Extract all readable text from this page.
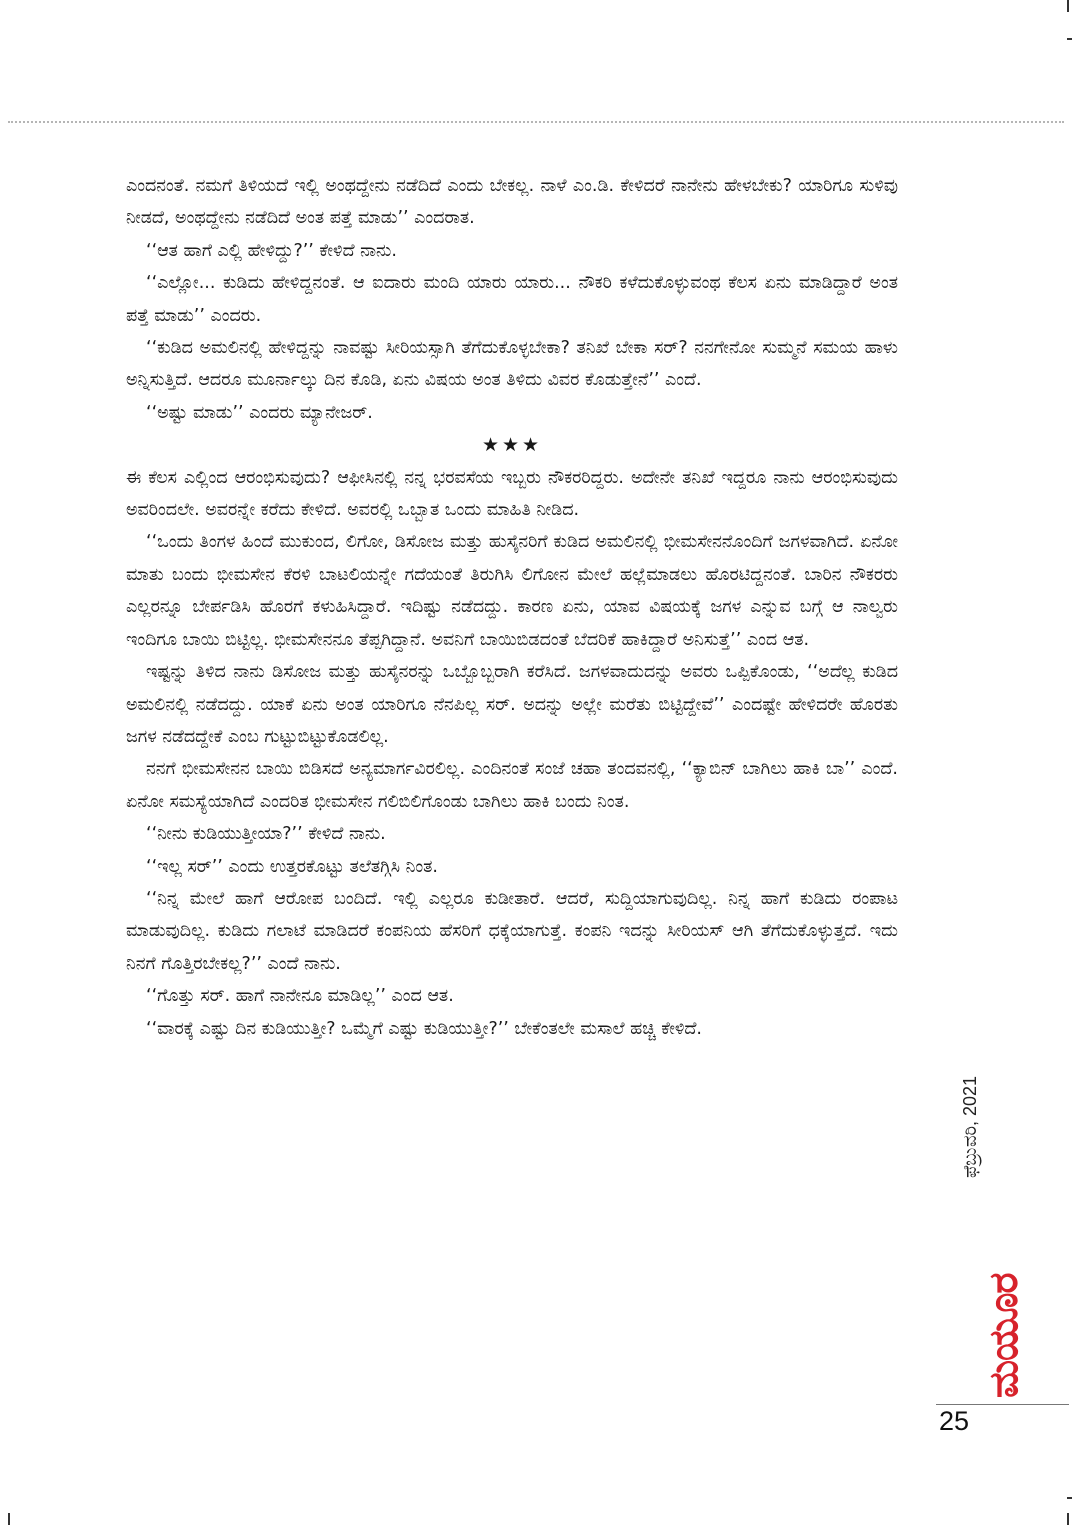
ಎಂದನಂತೆ. ನಮಗೆ ತಿಳಿಯದೆ ಇಲ್ಲಿ ಅಂಥದ್ದೇನು ನಡೆದಿದೆ ಎಂದು ಬೇಕಲ್ಲ. ನಾಳೆ ಎಂ.ಡಿ. ಕೇಳಿದರೆ ನಾನೇನು ಹೇಳಬೇಕು? ಯಾರಿಗೂ ಸುಳಿವು ನೀಡದೆ, ಅಂಥದ್ದೇನು ನಡೆದಿದೆ ಅಂತ ಪತ್ತೆ ಮಾಡು’’ ಎಂದರಾತ.

‘‘ಆತ ಹಾಗೆ ಎಲ್ಲಿ ಹೇಳಿದ್ದು?’’ ಕೇಳಿದೆ ನಾನು.

‘‘ಎಲ್ಲೋ... ಕುಡಿದು ಹೇಳಿದ್ದನಂತೆ. ಆ ಐದಾರು ಮಂದಿ ಯಾರು ಯಾರು... ನೌಕರಿ ಕಳೆದುಕೊಳ್ಳುವಂಥ ಕೆಲಸ ಏನು ಮಾಡಿದ್ದಾರೆ ಅಂತ ಪತ್ತೆ ಮಾಡು’’ ಎಂದರು.

‘‘ಕುಡಿದ ಅಮಲಿನಲ್ಲಿ ಹೇಳಿದ್ದನ್ನು ನಾವಷ್ಟು ಸೀರಿಯಸ್ಸಾಗಿ ತೆಗೆದುಕೊಳ್ಳಬೇಕಾ? ತನಿಖೆ ಬೇಕಾ ಸರ್? ನನಗೇನೋ ಸುಮ್ಮನೆ ಸಮಯ ಹಾಳು ಅನ್ನಿಸುತ್ತಿದೆ. ಆದರೂ ಮೂರ್ನಾಲ್ಕು ದಿನ ಕೊಡಿ, ಏನು ವಿಷಯ ಅಂತ ತಿಳಿದು ವಿವರ ಕೊಡುತ್ತೇನೆ’’ ಎಂದೆ.

‘‘ಅಷ್ಟು ಮಾಡು’’ ಎಂದರು ಮ್ಯಾನೇಜರ್.

★★★

ಈ ಕೆಲಸ ಎಲ್ಲಿಂದ ಆರಂಭಿಸುವುದು? ಆಫೀಸಿನಲ್ಲಿ ನನ್ನ ಭರವಸೆಯ ಇಬ್ಬರು ನೌಕರರಿದ್ದರು. ಅದೇನೇ ತನಿಖೆ ಇದ್ದರೂ ನಾನು ಆರಂಭಿಸುವುದು ಅವರಿಂದಲೇ. ಅವರನ್ನೇ ಕರೆದು ಕೇಳಿದೆ. ಅವರಲ್ಲಿ ಒಬ್ಬಾತ ಒಂದು ಮಾಹಿತಿ ನೀಡಿದ.

‘‘ಒಂದು ತಿಂಗಳ ಹಿಂದೆ ಮುಕುಂದ, ಲಿಗೋ, ಡಿಸೋಜ ಮತ್ತು ಹುಸೈನರಿಗೆ ಕುಡಿದ ಅಮಲಿನಲ್ಲಿ ಭೀಮಸೇನನೊಂದಿಗೆ ಜಗಳವಾಗಿದೆ. ಏನೋ ಮಾತು ಬಂದು ಭೀಮಸೇನ ಕೆರಳಿ ಬಾಟಲಿಯನ್ನೇ ಗದೆಯಂತೆ ತಿರುಗಿಸಿ ಲಿಗೋನ ಮೇಲೆ ಹಲ್ಲೆಮಾಡಲು ಹೊರಟಿದ್ದನಂತೆ. ಬಾರಿನ ನೌಕರರು ಎಲ್ಲರನ್ನೂ ಬೇರ್ಪಡಿಸಿ ಹೊರಗೆ ಕಳುಹಿಸಿದ್ದಾರೆ. ಇದಿಷ್ಟು ನಡೆದದ್ದು. ಕಾರಣ ಏನು, ಯಾವ ವಿಷಯಕ್ಕೆ ಜಗಳ ಎನ್ನುವ ಬಗ್ಗೆ ಆ ನಾಲ್ವರು ಇಂದಿಗೂ ಬಾಯಿ ಬಿಟ್ಟಿಲ್ಲ. ಭೀಮಸೇನನೂ ತೆಪ್ಪಗಿದ್ದಾನೆ. ಅವನಿಗೆ ಬಾಯಿಬಿಡದಂತೆ ಬೆದರಿಕೆ ಹಾಕಿದ್ದಾರೆ ಅನಿಸುತ್ತೆ’’ ಎಂದ ಆತ.

ಇಷ್ಟನ್ನು ತಿಳಿದ ನಾನು ಡಿಸೋಜ ಮತ್ತು ಹುಸೈನರನ್ನು ಒಬ್ಬೊಬ್ಬರಾಗಿ ಕರೆಸಿದೆ. ಜಗಳವಾದುದನ್ನು ಅವರು ಒಪ್ಪಿಕೊಂಡು, ‘‘ಅದೆಲ್ಲ ಕುಡಿದ ಅಮಲಿನಲ್ಲಿ ನಡೆದದ್ದು. ಯಾಕೆ ಏನು ಅಂತ ಯಾರಿಗೂ ನೆನಪಿಲ್ಲ ಸರ್. ಅದನ್ನು ಅಲ್ಲೇ ಮರೆತು ಬಿಟ್ಟಿದ್ದೇವೆ’’ ಎಂದಷ್ಟೇ ಹೇಳಿದರೇ ಹೊರತು ಜಗಳ ನಡೆದದ್ದೇಕೆ ಎಂಬ ಗುಟ್ಟುಬಿಟ್ಟುಕೊಡಲಿಲ್ಲ.

ನನಗೆ ಭೀಮಸೇನನ ಬಾಯಿ ಬಿಡಿಸದೆ ಅನ್ಯಮಾರ್ಗವಿರಲಿಲ್ಲ. ಎಂದಿನಂತೆ ಸಂಜೆ ಚಹಾ ತಂದವನಲ್ಲಿ, ‘‘ಕ್ಯಾಬಿನ್ ಬಾಗಿಲು ಹಾಕಿ ಬಾ’’ ಎಂದೆ. ಏನೋ ಸಮಸ್ಯೆಯಾಗಿದೆ ಎಂದರಿತ ಭೀಮಸೇನ ಗಲಿಬಿಲಿಗೊಂಡು ಬಾಗಿಲು ಹಾಕಿ ಬಂದು ನಿಂತ.

‘‘ನೀನು ಕುಡಿಯುತ್ತೀಯಾ?’’ ಕೇಳಿದೆ ನಾನು.

‘‘ಇಲ್ಲ ಸರ್’’ ಎಂದು ಉತ್ತರಕೊಟ್ಟು ತಲೆತಗ್ಗಿಸಿ ನಿಂತ.

‘‘ನಿನ್ನ ಮೇಲೆ ಹಾಗೆ ಆರೋಪ ಬಂದಿದೆ. ಇಲ್ಲಿ ಎಲ್ಲರೂ ಕುಡೀತಾರೆ. ಆದರೆ, ಸುದ್ದಿಯಾಗುವುದಿಲ್ಲ. ನಿನ್ನ ಹಾಗೆ ಕುಡಿದು ರಂಪಾಟ ಮಾಡುವುದಿಲ್ಲ. ಕುಡಿದು ಗಲಾಟೆ ಮಾಡಿದರೆ ಕಂಪನಿಯ ಹೆಸರಿಗೆ ಧಕ್ಕೆಯಾಗುತ್ತೆ. ಕಂಪನಿ ಇದನ್ನು ಸೀರಿಯಸ್ ಆಗಿ ತೆಗೆದುಕೊಳ್ಳುತ್ತದೆ. ಇದು ನಿನಗೆ ಗೊತ್ತಿರಬೇಕಲ್ಲ?’’ ಎಂದೆ ನಾನು.

‘‘ಗೊತ್ತು ಸರ್. ಹಾಗೆ ನಾನೇನೂ ಮಾಡಿಲ್ಲ’’ ಎಂದ ಆತ.

‘‘ವಾರಕ್ಕೆ ಎಷ್ಟು ದಿನ ಕುಡಿಯುತ್ತೀ? ಒಮ್ಮೆಗೆ ಎಷ್ಟು ಕುಡಿಯುತ್ತೀ?’’ ಬೇಕೆಂತಲೇ ಮಸಾಲೆ ಹಚ್ಚಿ ಕೇಳಿದೆ.

ಫೆಬ್ರುವರಿ, 2021
ಮಯೂರ
25
